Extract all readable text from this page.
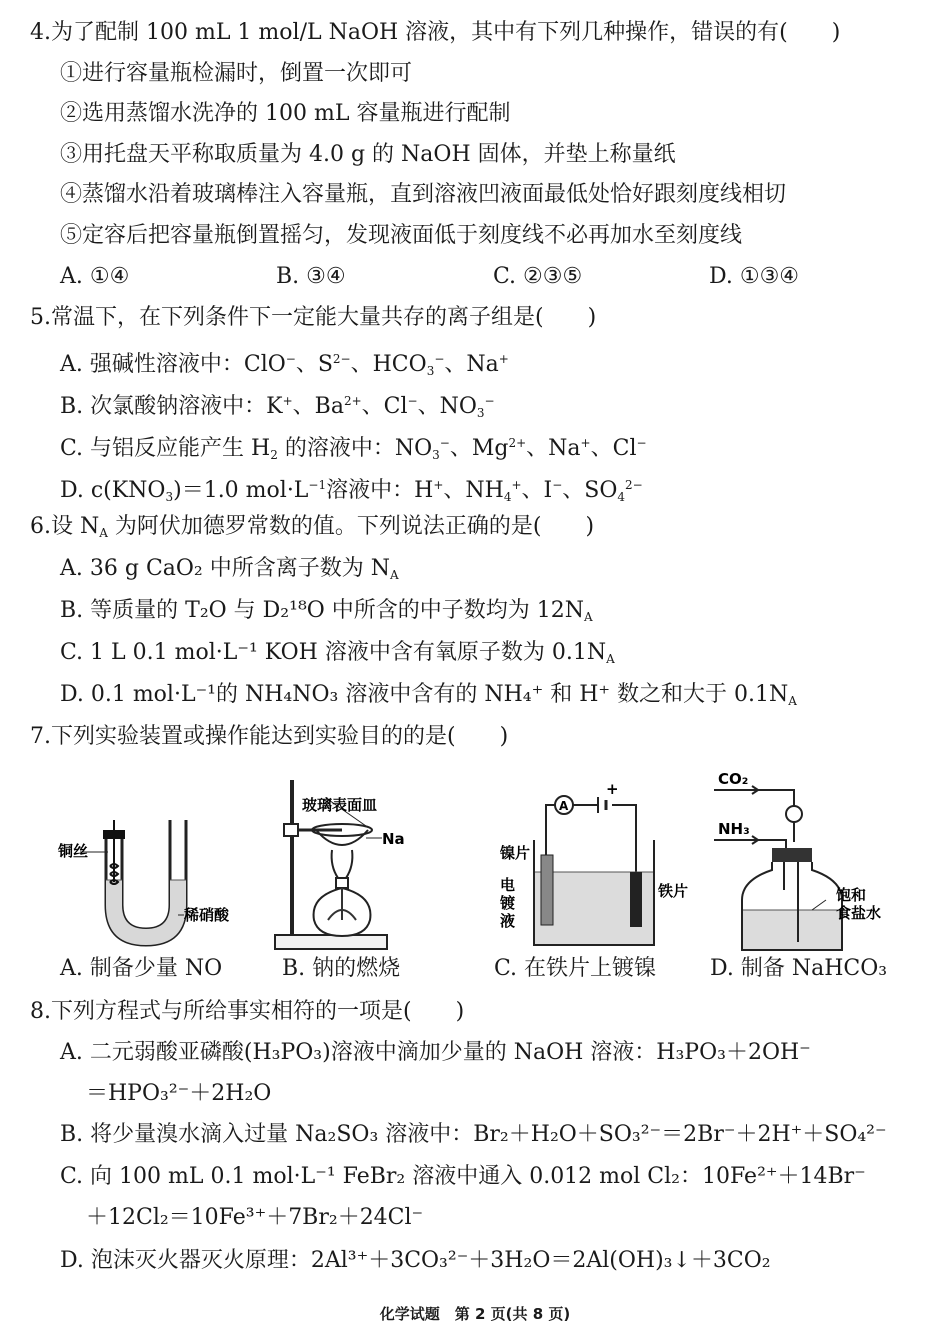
4.为了配制 100 mL 1 mol/L NaOH 溶液，其中有下列几种操作，错误的有(　　)
①进行容量瓶检漏时，倒置一次即可
②选用蒸馏水洗净的 100 mL 容量瓶进行配制
③用托盘天平称取质量为 4.0 g 的 NaOH 固体，并垫上称量纸
④蒸馏水沿着玻璃棒注入容量瓶，直到溶液凹液面最低处恰好跟刻度线相切
⑤定容后把容量瓶倒置摇匀，发现液面低于刻度线不必再加水至刻度线
A. ①④	B. ③④	C. ②③⑤	D. ①③④
5.常温下，在下列条件下一定能大量共存的离子组是(　　)
A. 强碱性溶液中：ClO−、$S^{2-}$、$HCO_3^-$、Na+
B. 次氯酸钠溶液中：K+、$Ba^{2+}$、Cl−、$NO_3^-$
C. 与铝反应能产生 $H_2$ 的溶液中：$NO_3^-$、$Mg^{2+}$、Na+、Cl−
D. $c(KNO_3)=1.0$ $mol\cdot L^{-1}$溶液中：H+、$NH_4^+$、I−、$SO_4^{2-}$
6.设 $N_A$ 为阿伏加德罗常数的值。下列说法正确的是(　　)
A. 36 g CaO₂ 中所含离子数为 $N_A$
B. 等质量的 T₂O 与 D₂¹⁸O 中所含的中子数均为 $12N_A$
C. 1 L 0.1 mol·L⁻¹ KOH 溶液中含有氧原子数为 $0.1N_A$
D. 0.1 mol·L⁻¹的 NH₄NO₃ 溶液中含有的 NH₄⁺ 和 H⁺ 数之和大于 $0.1N_A$
7.下列实验装置或操作能达到实验目的的是(　　)
铜丝
稀硝酸
玻璃表面皿
Na
A
+
镍片
电
镀
液
铁片
CO₂
NH₃
饱和
食盐水
A. 制备少量 NO	B. 钠的燃烧	C. 在铁片上镀镍 D. 制备 NaHCO₃
8.下列方程式与所给事实相符的一项是(　　)
A. 二元弱酸亚磷酸(H₃PO₃)溶液中滴加少量的 NaOH 溶液：H₃PO₃＋2OH⁻
＝HPO₃²⁻＋2H₂O
B. 将少量溴水滴入过量 Na₂SO₃ 溶液中：Br₂＋H₂O＋SO₃²⁻＝2Br⁻＋2H⁺＋SO₄²⁻
C. 向 100 mL 0.1 mol·L⁻¹ FeBr₂ 溶液中通入 0.012 mol Cl₂：10Fe²⁺＋14Br⁻
＋12Cl₂＝10Fe³⁺＋7Br₂＋24Cl⁻
D. 泡沫灭火器灭火原理：2Al³⁺＋3CO₃²⁻＋3H₂O＝2Al(OH)₃↓＋3CO₂
化学试题　第 2 页(共 8 页)
